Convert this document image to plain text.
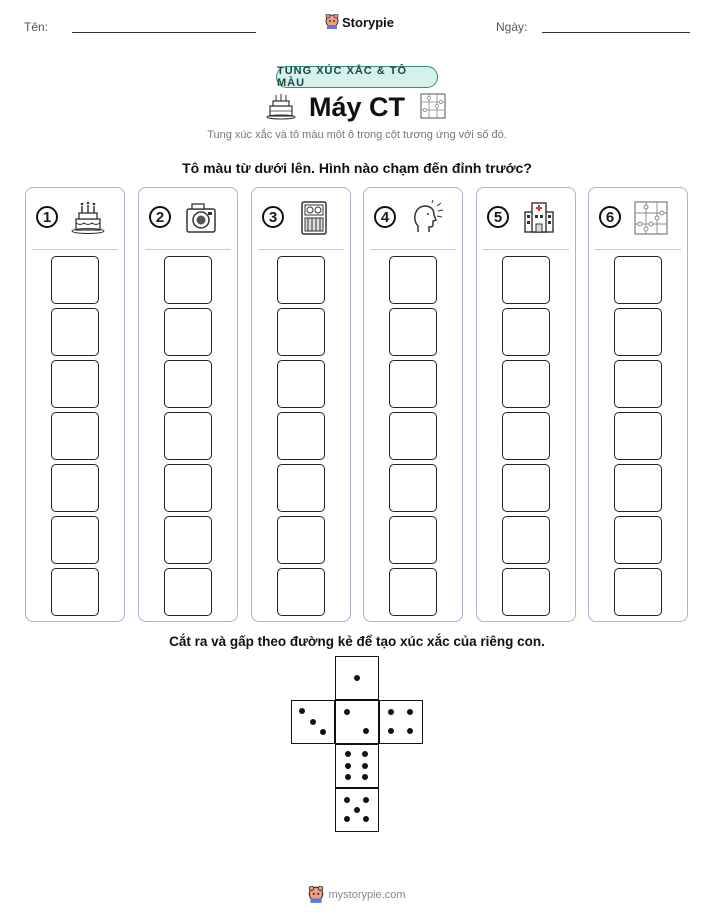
Tên:	Storypie	Ngày:
TUNG XÚC XẮC & TÔ MÀU
Máy CT
Tung xúc xắc và tô màu một ô trong cột tương ứng với số đó.
Tô màu từ dưới lên. Hình nào chạm đến đỉnh trước?
1	2	3	4	5	6
Cắt ra và gấp theo đường kẻ để tạo xúc xắc của riêng con.
mystorypie.com
